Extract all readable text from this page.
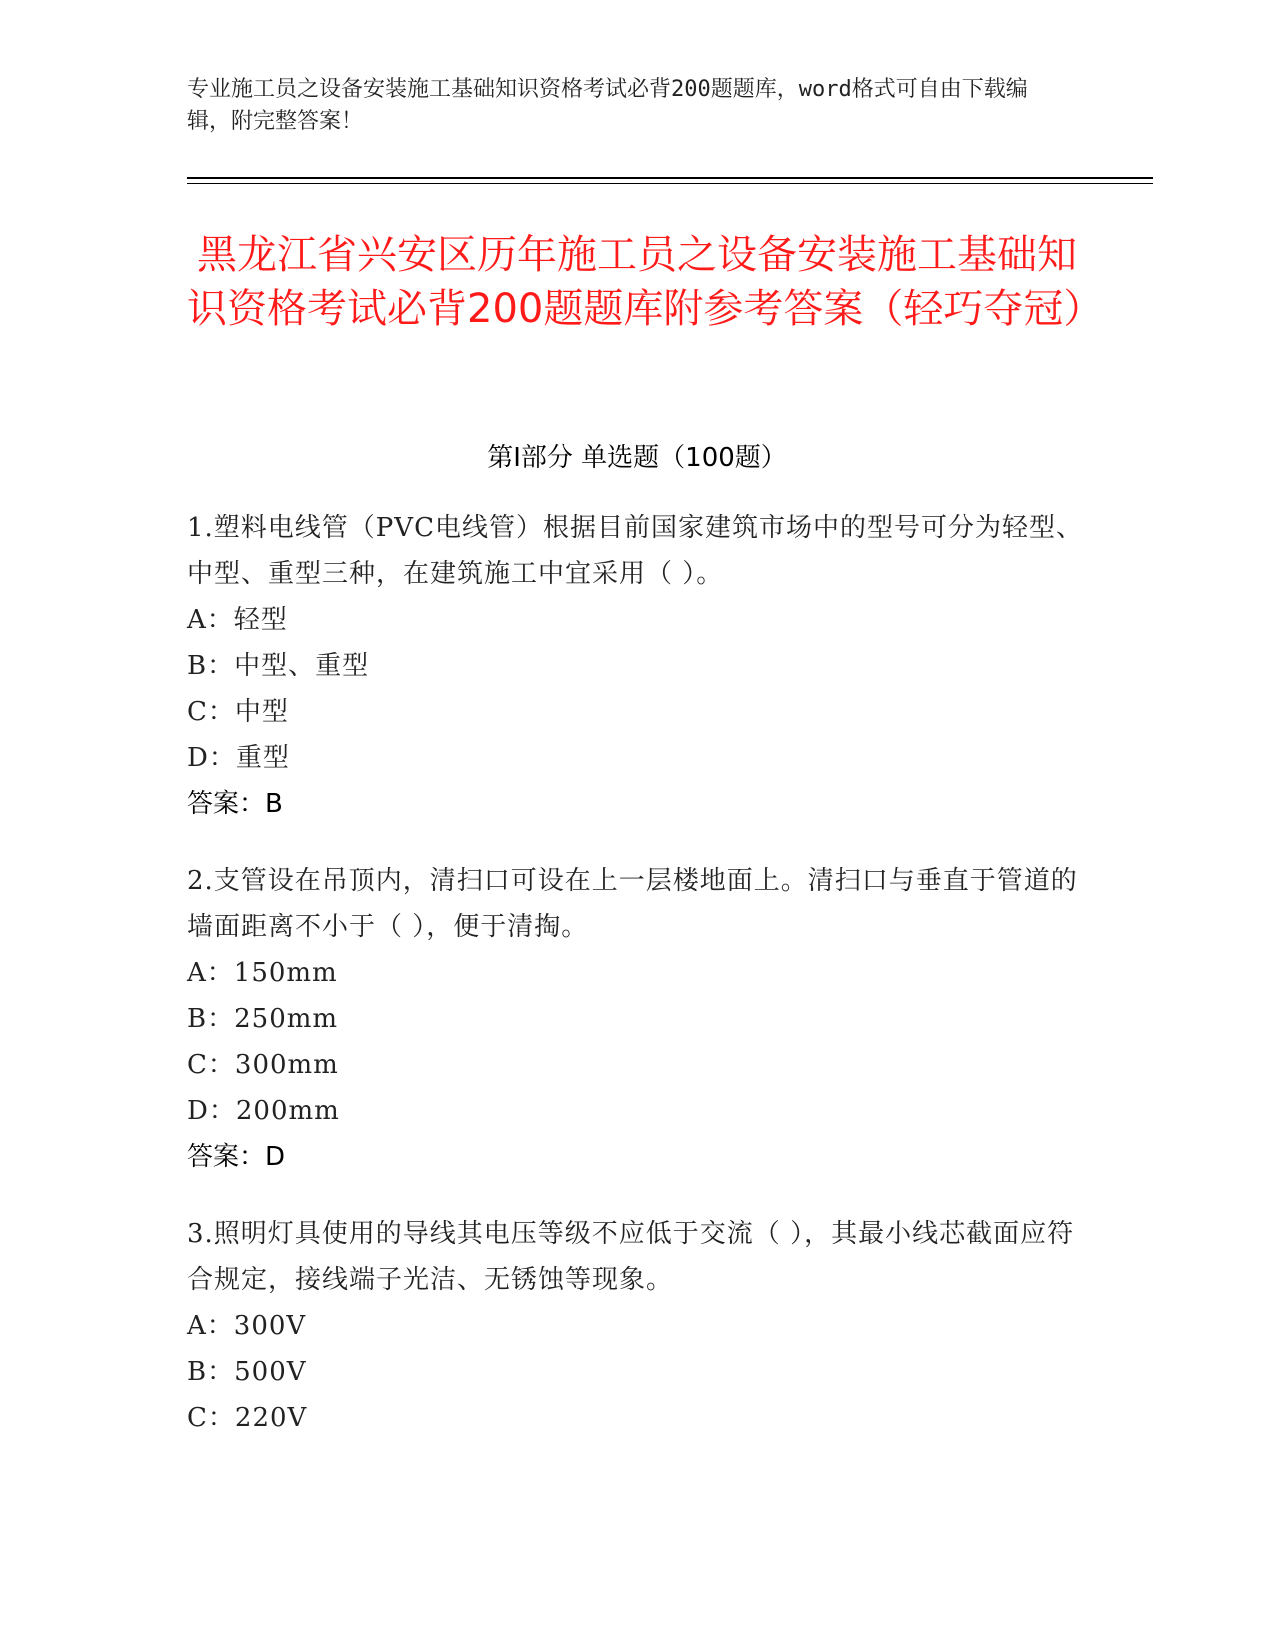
专业施工员之设备安装施工基础知识资格考试必背200题题库，word格式可自由下载编辑，附完整答案！
黑龙江省兴安区历年施工员之设备安装施工基础知识资格考试必背200题题库附参考答案（轻巧夺冠）
第I部分 单选题（100题）
1.塑料电线管（PVC电线管）根据目前国家建筑市场中的型号可分为轻型、中型、重型三种，在建筑施工中宜采用（ ）。
A：轻型
B：中型、重型
C：中型
D：重型
答案：B
2.支管设在吊顶内，清扫口可设在上一层楼地面上。清扫口与垂直于管道的墙面距离不小于（ ），便于清掏。
A：150mm
B：250mm
C：300mm
D：200mm
答案：D
3.照明灯具使用的导线其电压等级不应低于交流（ ），其最小线芯截面应符合规定，接线端子光洁、无锈蚀等现象。
A：300V
B：500V
C：220V
